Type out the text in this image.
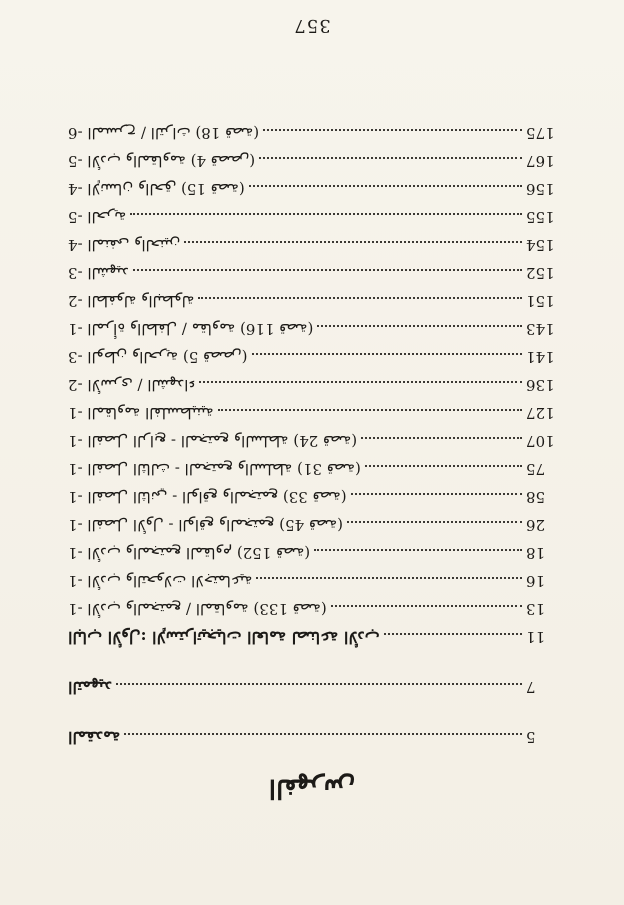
357
الفهرس
المقدمة	5
التمهيد	7
الباب الأول: الإستراتيجيات العامة لصناعة الأدب	11
1- الأدب والمجتمع / المقاومة (133 قصة)	13
1- الأدب والتحولات الاجتماعية	16
1- الأدب والمجتمع المقاوم (152 قصة)	18
1- الفصل الأول - الواقع والمجتمع (45 قصة)	26
1- الفصل الثاني - الواقع والمجتمع (33 قصة)	58
1- الفصل الثالث - المجتمع والسلطة (31 قصة)	75
1- الفصل الرابع - المجتمع والسلطة (24 قصة)	107
1- المقاومة الفلسطينية	127
2- الأسرى / الشهداء	136
3- الوطن والحرية (5 قصص)	141
1- المرأة والطفل / مقاومة (116 قصة)	143
2- الطفولة والبطولة	151
3- الشهيد	152
4- المنفى والحنين	154
5- الحرية	155
4- الإنسان والحق (15 قصة)	156
5- الأدب والمقاومة (4 قصص)	167
6- المسرح / التراث (18 قصة)	175
